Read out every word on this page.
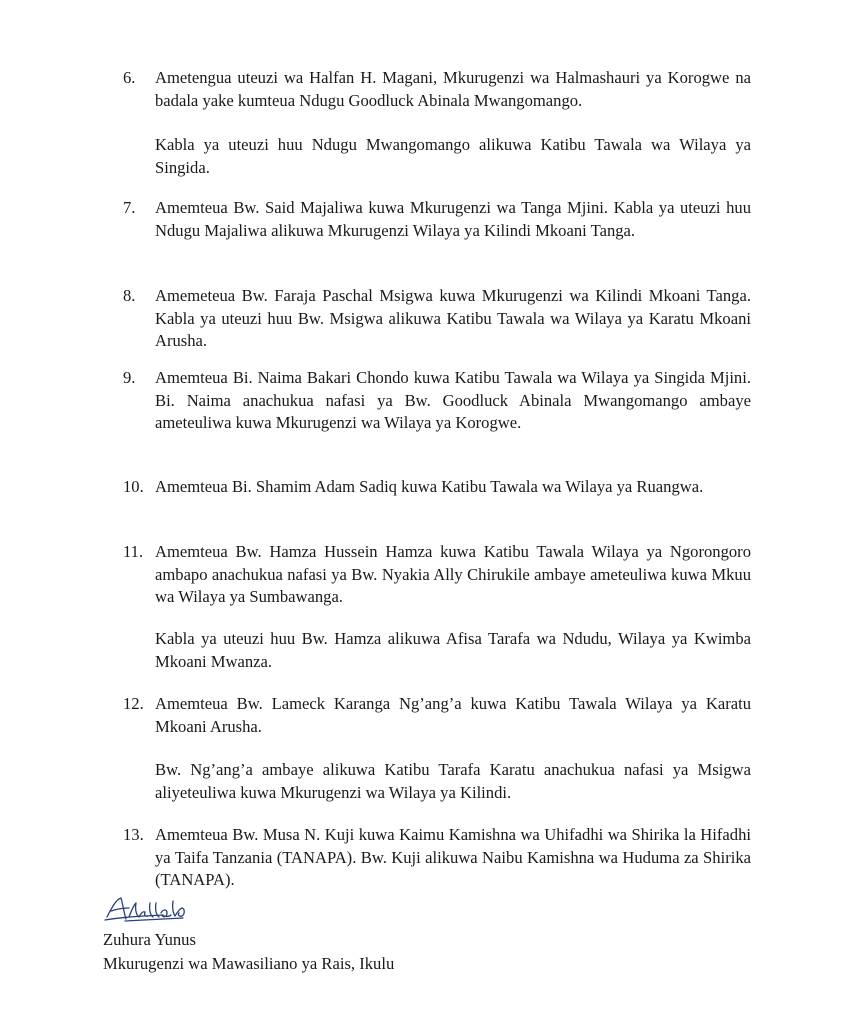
6.	Ametengua uteuzi wa Halfan H. Magani, Mkurugenzi wa Halmashauri ya Korogwe na badala yake kumteua Ndugu Goodluck Abinala Mwangomango.
Kabla ya uteuzi huu Ndugu Mwangomango alikuwa Katibu Tawala wa Wilaya ya Singida.
7.	Amemteua Bw. Said Majaliwa kuwa Mkurugenzi wa Tanga Mjini. Kabla ya uteuzi huu Ndugu Majaliwa alikuwa Mkurugenzi Wilaya ya Kilindi Mkoani Tanga.
8.	Amemeteua Bw. Faraja Paschal Msigwa kuwa Mkurugenzi wa Kilindi Mkoani Tanga. Kabla ya uteuzi huu Bw. Msigwa alikuwa Katibu Tawala wa Wilaya ya Karatu Mkoani Arusha.
9.	Amemteua Bi. Naima Bakari Chondo kuwa Katibu Tawala wa Wilaya ya Singida Mjini. Bi. Naima anachukua nafasi ya Bw. Goodluck Abinala Mwangomango ambaye ameteuliwa kuwa Mkurugenzi wa Wilaya ya Korogwe.
10. Amemteua Bi. Shamim Adam Sadiq kuwa Katibu Tawala wa Wilaya ya Ruangwa.
11. Amemteua Bw. Hamza Hussein Hamza kuwa Katibu Tawala Wilaya ya Ngorongoro ambapo anachukua nafasi ya Bw. Nyakia Ally Chirukile ambaye ameteuliwa kuwa Mkuu wa Wilaya ya Sumbawanga.
Kabla ya uteuzi huu Bw. Hamza alikuwa Afisa Tarafa wa Ndudu, Wilaya ya Kwimba Mkoani Mwanza.
12. Amemteua Bw. Lameck Karanga Ng’ang’a kuwa Katibu Tawala Wilaya ya Karatu Mkoani Arusha.
Bw. Ng’ang’a ambaye alikuwa Katibu Tarafa Karatu anachukua nafasi ya Msigwa aliyeteuliwa kuwa Mkurugenzi wa Wilaya ya Kilindi.
13. Amemteua Bw. Musa N. Kuji kuwa Kaimu Kamishna wa Uhifadhi wa Shirika la Hifadhi ya Taifa Tanzania (TANAPA). Bw. Kuji alikuwa Naibu Kamishna wa Huduma za Shirika (TANAPA).
Zuhura Yunus
Mkurugenzi wa Mawasiliano ya Rais, Ikulu
